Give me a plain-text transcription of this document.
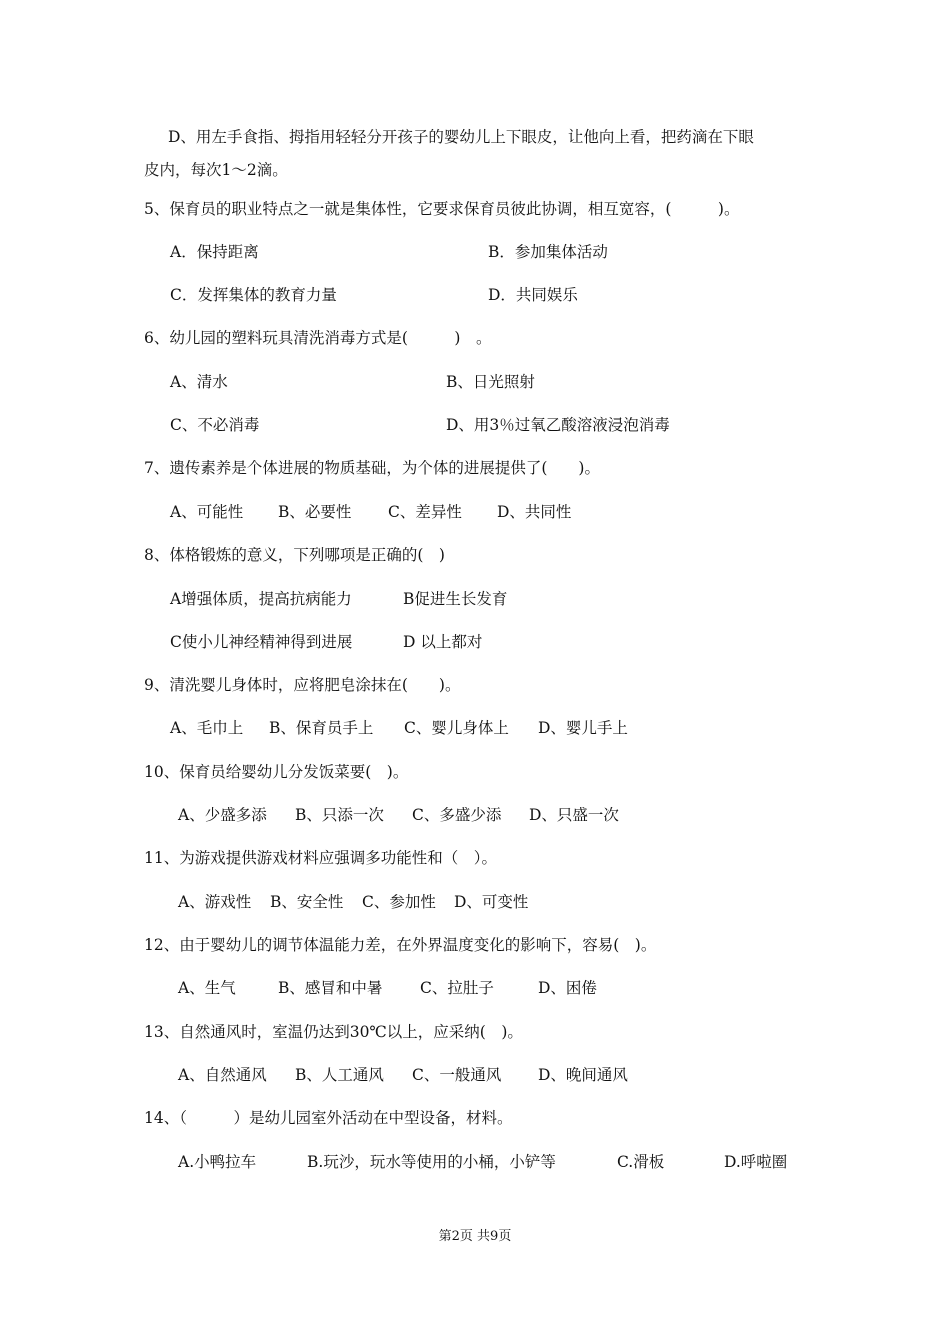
D、用左手食指、拇指用轻轻分开孩子的婴幼儿上下眼皮，让他向上看，把药滴在下眼
皮内，每次1～2滴。
5、保育员的职业特点之一就是集体性，它要求保育员彼此协调，相互宽容，(　　　)。
A．保持距离	B．参加集体活动
C．发挥集体的教育力量	D．共同娱乐
6、幼儿园的塑料玩具清洗消毒方式是(　　　)　。
A、清水	B、日光照射
C、不必消毒	D、用3％过氧乙酸溶液浸泡消毒
7、遗传素养是个体进展的物质基础，为个体的进展提供了(　　)。
A、可能性 B、必要性 C、差异性 D、共同性
8、体格锻炼的意义，下列哪项是正确的(　)
A增强体质，提高抗病能力	B促进生长发育
C使小儿神经精神得到进展	D 以上都对
9、清洗婴儿身体时，应将肥皂涂抹在(　　)。
A、毛巾上 B、保育员手上 C、婴儿身体上 D、婴儿手上
10、保育员给婴幼儿分发饭菜要(　)。
A、少盛多添 B、只添一次 C、多盛少添 D、只盛一次
11、为游戏提供游戏材料应强调多功能性和（　）。
A、游戏性 B、安全性 C、参加性 D、可变性
12、由于婴幼儿的调节体温能力差，在外界温度变化的影响下，容易(　)。
A、生气	B、感冒和中暑 C、拉肚子	D、困倦
13、自然通风时，室温仍达到30℃以上，应采纳(　)。
A、自然通风 B、人工通风 C、一般通风 D、晚间通风
14、（　　　）是幼儿园室外活动在中型设备，材料。
A.小鸭拉车	B.玩沙，玩水等使用的小桶，小铲等	C.滑板	D.呼啦圈
第2页 共9页
